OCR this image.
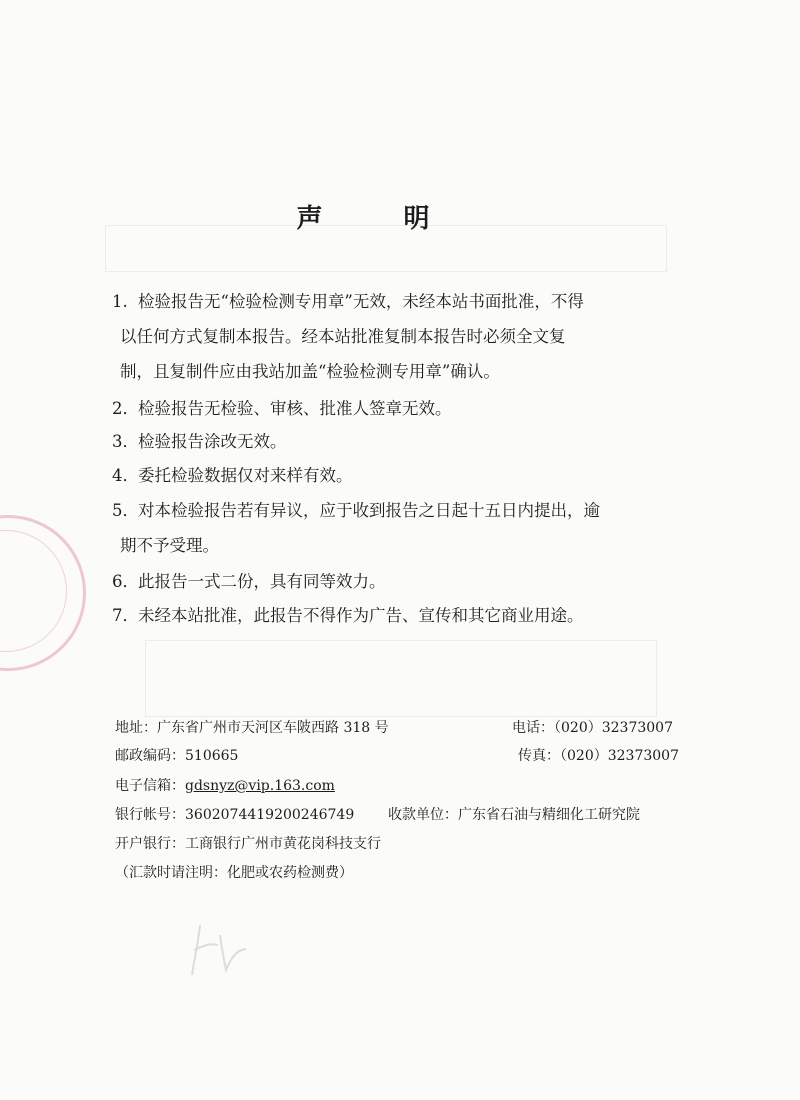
声 明
1. 检验报告无“检验检测专用章”无效，未经本站书面批准，不得
以任何方式复制本报告。经本站批准复制本报告时必须全文复
制，且复制件应由我站加盖“检验检测专用章”确认。
2．检验报告无检验、审核、批准人签章无效。
3．检验报告涂改无效。
4．委托检验数据仅对来样有效。
5．对本检验报告若有异议，应于收到报告之日起十五日内提出，逾
期不予受理。
6．此报告一式二份，具有同等效力。
7．未经本站批准，此报告不得作为广告、宣传和其它商业用途。
地址：广东省广州市天河区车陂西路 318 号	电话：（020）32373007
邮政编码：510665	传真：（020）32373007
电子信箱：gdsnyz@vip.163.com
银行帐号：3602074419200246749 收款单位：广东省石油与精细化工研究院
开户银行：工商银行广州市黄花岗科技支行
（汇款时请注明：化肥或农药检测费）
